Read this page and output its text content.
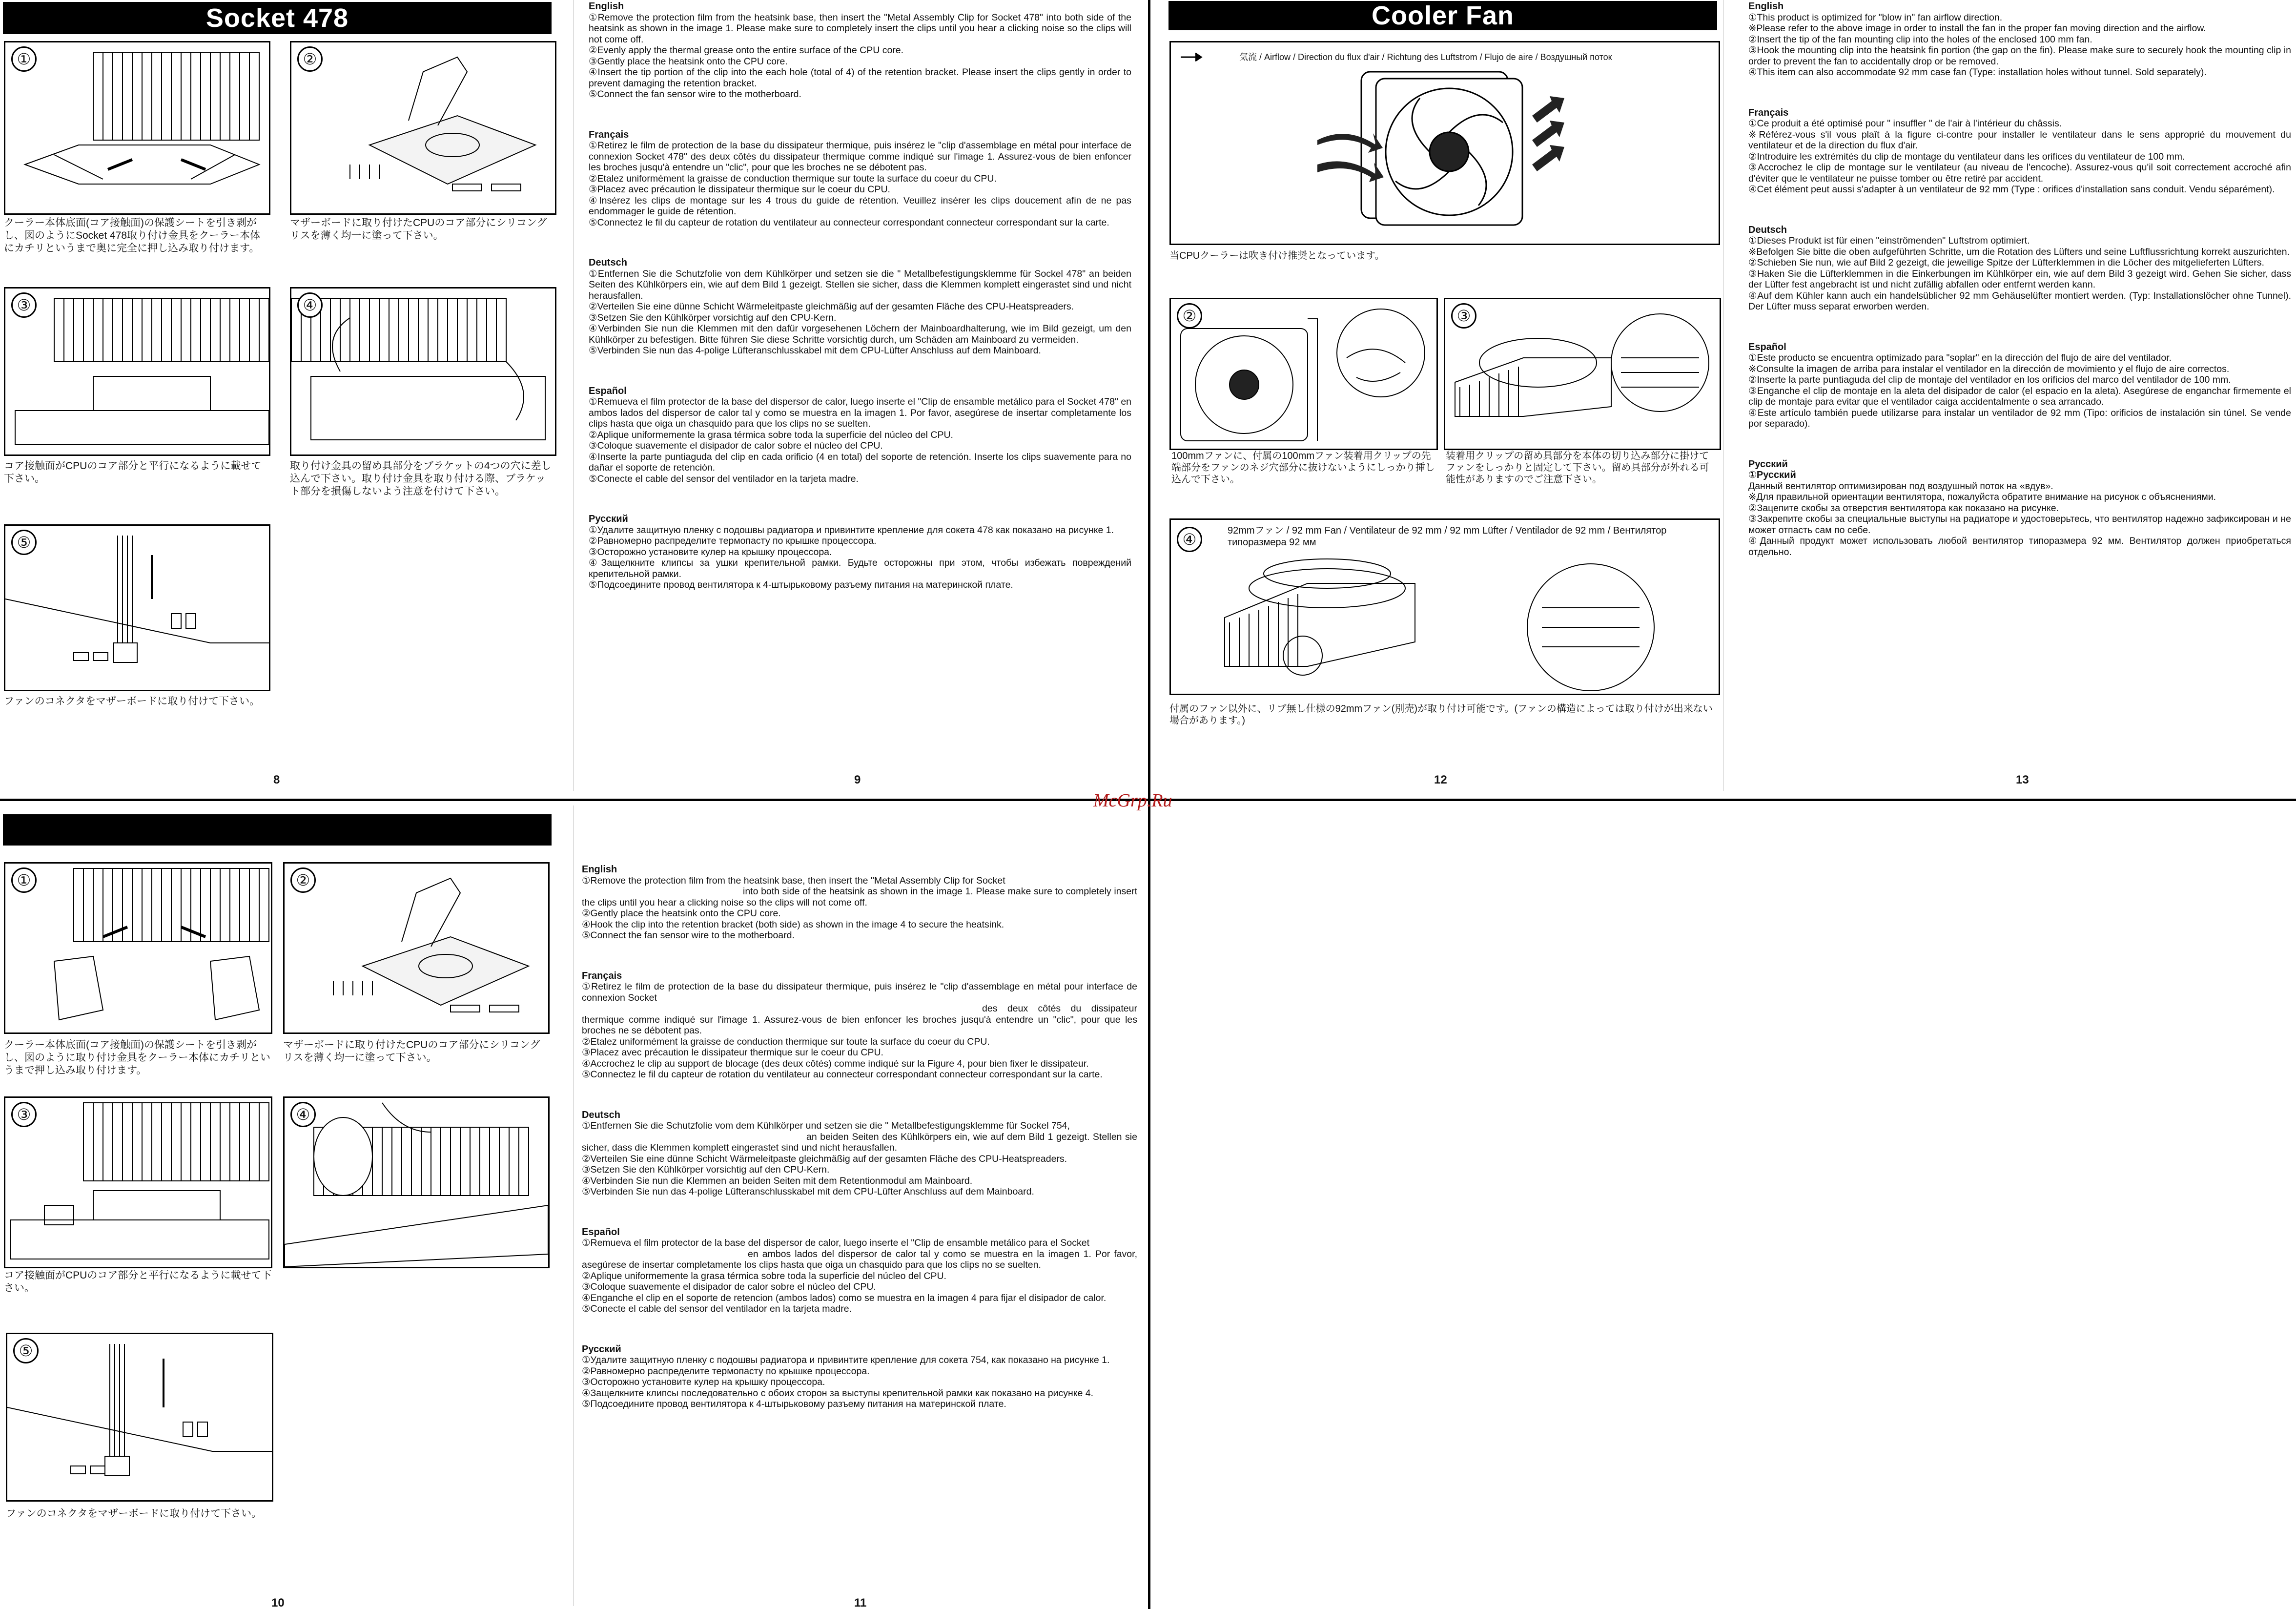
Socket 478
①
クーラー本体底面(コア接触面)の保護シートを引き剥がし、図のようにSocket 478取り付け金具をクーラー本体にカチリというまで奥に完全に押し込み取り付けます。
②
マザーボードに取り付けたCPUのコア部分にシリコングリスを薄く均一に塗って下さい。
③
コア接触面がCPUのコア部分と平行になるように載せて下さい。
④
取り付け金具の留め具部分をブラケットの4つの穴に差し込んで下さい。取り付け金具を取り付ける際、ブラケット部分を損傷しないよう注意を付けて下さい。
⑤
ファンのコネクタをマザーボードに取り付けて下さい。
8
English

①Remove the protection film from the heatsink base, then insert the "Metal Assembly Clip for Socket 478" into both side of the heatsink as shown in the image 1. Please make sure to completely insert the clips until you hear a clicking noise so the clips will not come off.

②Evenly apply the thermal grease onto the entire surface of the CPU core.

③Gently place the heatsink onto the CPU core.

④Insert the tip portion of the clip into the each hole (total of 4) of the retention bracket. Please insert the clips gently in order to prevent damaging the retention bracket.

⑤Connect the fan sensor wire to the motherboard.

Français

①Retirez le film de protection de la base du dissipateur thermique, puis insérez le "clip d'assemblage en métal pour interface de connexion Socket 478" des deux côtés du dissipateur thermique comme indiqué sur l'image 1. Assurez-vous de bien enfoncer les broches jusqu'à entendre un "clic", pour que les broches ne se débotent pas.

②Etalez uniformément la graisse de conduction thermique sur toute la surface du coeur du CPU.

③Placez avec précaution le dissipateur thermique sur le coeur du CPU.

④Insérez les clips de montage sur les 4 trous du guide de rétention. Veuillez insérer les clips doucement afin de ne pas endommager le guide de rétention.

⑤Connectez le fil du capteur de rotation du ventilateur au connecteur correspondant connecteur correspondant sur la carte.

Deutsch

①Entfernen Sie die Schutzfolie von dem Kühlkörper und setzen sie die " Metallbefestigungsklemme für Sockel 478" an beiden Seiten des Kühlkörpers ein, wie auf dem Bild 1 gezeigt. Stellen sie sicher, dass die Klemmen komplett eingerastet sind und nicht herausfallen.

②Verteilen Sie eine dünne Schicht Wärmeleitpaste gleichmäßig auf der gesamten Fläche des CPU-Heatspreaders.

③Setzen Sie den Kühlkörper vorsichtig auf den CPU-Kern.

④Verbinden Sie nun die Klemmen mit den dafür vorgesehenen Löchern der Mainboardhalterung, wie im Bild gezeigt, um den Kühlkörper zu befestigen. Bitte führen Sie diese Schritte vorsichtig durch, um Schäden am Mainboard zu vermeiden.

⑤Verbinden Sie nun das 4-polige Lüfteranschlusskabel mit dem CPU-Lüfter Anschluss auf dem Mainboard.

Español

①Remueva el film protector de la base del dispersor de calor, luego inserte el "Clip de ensamble metálico para el Socket 478" en ambos lados del dispersor de calor tal y como se muestra en la imagen 1. Por favor, asegúrese de insertar completamente los clips hasta que oiga un chasquido para que los clips no se suelten.

②Aplique uniformemente la grasa térmica sobre toda la superficie del núcleo del CPU.

③Coloque suavemente el disipador de calor sobre el núcleo del CPU.

④Inserte la parte puntiaguda del clip en cada orificio (4 en total) del soporte de retención. Inserte los clips suavemente para no dañar el soporte de retención.

⑤Conecte el cable del sensor del ventilador en la tarjeta madre.

Русский

①Удалите защитную пленку с подошвы радиатора и привинтите крепление для сокета 478 как показано на рисунке 1.

②Равномерно распределите термопасту по крышке процессора.

③Осторожно установите кулер на крышку процессора.

④Защелкните клипсы за ушки крепительной рамки. Будьте осторожны при этом, чтобы избежать повреждений крепительной рамки.

⑤Подсоедините провод вентилятора к 4-штырьковому разъему питания на материнской плате.

9
Cooler Fan
気流 / Airflow / Direction du flux d'air / Richtung des Luftstrom / Flujo de aire / Воздушный поток
当CPUクーラーは吹き付け推奨となっています。
②
100mmファンに、付属の100mmファン装着用クリップの先端部分をファンのネジ穴部分に抜けないようにしっかり挿し込んで下さい。
③
装着用クリップの留め具部分を本体の切り込み部分に掛けてファンをしっかりと固定して下さい。留め具部分が外れる可能性がありますのでご注意下さい。
④	92mmファン / 92 mm Fan / Ventilateur de 92 mm / 92 mm Lüfter / Ventilador de 92 mm / Вентилятор типоразмера 92 мм
付属のファン以外に、リブ無し仕様の92mmファン(別売)が取り付け可能です。(ファンの構造によっては取り付けが出来ない場合があります。)
12
English

①This product is optimized for "blow in" fan airflow direction.

※Please refer to the above image in order to install the fan in the proper fan moving direction and the airflow.

②Insert the tip of the fan mounting clip into the holes of the enclosed 100 mm fan.

③Hook the mounting clip into the heatsink fin portion (the gap on the fin). Please make sure to securely hook the mounting clip in order to prevent the fan to accidentally drop or be removed.

④This item can also accommodate 92 mm case fan (Type: installation holes without tunnel. Sold separately).

Français

①Ce produit a été optimisé pour " insuffler " de l'air à l'intérieur du châssis.

※Référez-vous s'il vous plaît à la figure ci-contre pour installer le ventilateur dans le sens approprié du mouvement du ventilateur et de la direction du flux d'air.

②Introduire les extrémités du clip de montage du ventilateur dans les orifices du ventilateur de 100 mm.

③Accrochez le clip de montage sur le ventilateur (au niveau de l'encoche). Assurez-vous qu'il soit correctement accroché afin d'éviter que le ventilateur ne puisse tomber ou être retiré par accident.

④Cet élément peut aussi s'adapter à un ventilateur de 92 mm (Type : orifices d'installation sans conduit. Vendu séparément).

Deutsch

①Dieses Produkt ist für einen "einströmenden" Luftstrom optimiert.

※Befolgen Sie bitte die oben aufgeführten Schritte, um die Rotation des Lüfters und seine Luftflussrichtung korrekt auszurichten.

②Schieben Sie nun, wie auf Bild 2 gezeigt, die jeweilige Spitze der Lüfterklemmen in die Löcher des mitgelieferten Lüfters.

③Haken Sie die Lüfterklemmen in die Einkerbungen im Kühlkörper ein, wie auf dem Bild 3 gezeigt wird. Gehen Sie sicher, dass der Lüfter fest angebracht ist und nicht zufällig abfallen oder entfernt werden kann.

④Auf dem Kühler kann auch ein handelsüblicher 92 mm Gehäuselüfter montiert werden. (Typ: Installationslöcher ohne Tunnel). Der Lüfter muss separat erworben werden.

Español

①Este producto se encuentra optimizado para "soplar" en la dirección del flujo de aire del ventilador.

※Consulte la imagen de arriba para instalar el ventilador en la dirección de movimiento y el flujo de aire correctos.

②Inserte la parte puntiaguda del clip de montaje del ventilador en los orificios del marco del ventilador de 100 mm.

③Enganche el clip de montaje en la aleta del disipador de calor (el espacio en la aleta). Asegúrese de enganchar firmemente el clip de montaje para evitar que el ventilador caiga accidentalmente o sea arrancado.

④Este artículo también puede utilizarse para instalar un ventilador de 92 mm (Tipo: orificios de instalación sin túnel. Se vende por separado).

Русский
①Русский

Данный вентилятор оптимизирован под воздушный поток на «вдув».

※Для правильной ориентации вентилятора, пожалуйста обратите внимание на рисунок с объяснениями.

②Зацепите скобы за отверстия вентилятора как показано на рисунке.

③Закрепите скобы за специальные выступы на радиаторе и удостоверьтесь, что вентилятор надежно зафиксирован и не может отпасть сам по себе.

④Данный продукт может использовать любой вентилятор типоразмера 92 мм. Вентилятор должен приобретаться отдельно.

13
McGrp.Ru
①
クーラー本体底面(コア接触面)の保護シートを引き剥がし、図のように取り付け金具をクーラー本体にカチリというまで押し込み取り付けます。
②
マザーボードに取り付けたCPUのコア部分にシリコングリスを薄く均一に塗って下さい。
③
コア接触面がCPUのコア部分と平行になるように載せて下さい。
④
⑤
ファンのコネクタをマザーボードに取り付けて下さい。
10
English

①Remove the protection film from the heatsink base, then insert the "Metal Assembly Clip for Socket

into both side of the heatsink as shown in the image 1. Please make sure to completely insert the clips until you hear a clicking noise so the clips will not come off.

②Gently place the heatsink onto the CPU core.

④Hook the clip into the retention bracket (both side) as shown in the image 4 to secure the heatsink.

⑤Connect the fan sensor wire to the motherboard.

Français

①Retirez le film de protection de la base du dissipateur thermique, puis insérez le "clip d'assemblage en métal pour interface de connexion Socket

des deux côtés du dissipateur thermique comme indiqué sur l'image 1. Assurez-vous de bien enfoncer les broches jusqu'à entendre un "clic", pour que les broches ne se débotent pas.

②Etalez uniformément la graisse de conduction thermique sur toute la surface du coeur du CPU.

③Placez avec précaution le dissipateur thermique sur le coeur du CPU.

④Accrochez le clip au support de blocage (des deux côtés) comme indiqué sur la Figure 4, pour bien fixer le dissipateur.

⑤Connectez le fil du capteur de rotation du ventilateur au connecteur correspondant connecteur correspondant sur la carte.

Deutsch

①Entfernen Sie die Schutzfolie vom dem Kühlkörper und setzen sie die " Metallbefestigungsklemme für Sockel 754,

an beiden Seiten des Kühlkörpers ein, wie auf dem Bild 1 gezeigt. Stellen sie sicher, dass die Klemmen komplett eingerastet sind und nicht herausfallen.

②Verteilen Sie eine dünne Schicht Wärmeleitpaste gleichmäßig auf der gesamten Fläche des CPU-Heatspreaders.

③Setzen Sie den Kühlkörper vorsichtig auf den CPU-Kern.

④Verbinden Sie nun die Klemmen an beiden Seiten mit dem Retentionmodul am Mainboard.

⑤Verbinden Sie nun das 4-polige Lüfteranschlusskabel mit dem CPU-Lüfter Anschluss auf dem Mainboard.

Español

①Remueva el film protector de la base del dispersor de calor, luego inserte el "Clip de ensamble metálico para el Socket

en ambos lados del dispersor de calor tal y como se muestra en la imagen 1. Por favor, asegúrese de insertar completamente los clips hasta que oiga un chasquido para que los clips no se suelten.

②Aplique uniformemente la grasa térmica sobre toda la superficie del núcleo del CPU.

③Coloque suavemente el disipador de calor sobre el núcleo del CPU.

④Enganche el clip en el soporte de retencion (ambos lados) como se muestra en la imagen 4 para fijar el disipador de calor.

⑤Conecte el cable del sensor del ventilador en la tarjeta madre.

Русский

①Удалите защитную пленку с подошвы радиатора и привинтите крепление для сокета 754, как показано на рисунке 1.

②Равномерно распределите термопасту по крышке процессора.

③Осторожно установите кулер на крышку процессора.

④Защелкните клипсы последовательно с обоих сторон за выступы крепительной рамки как показано на рисунке 4.

⑤Подсоедините провод вентилятора к 4-штырьковому разъему питания на материнской плате.

11
